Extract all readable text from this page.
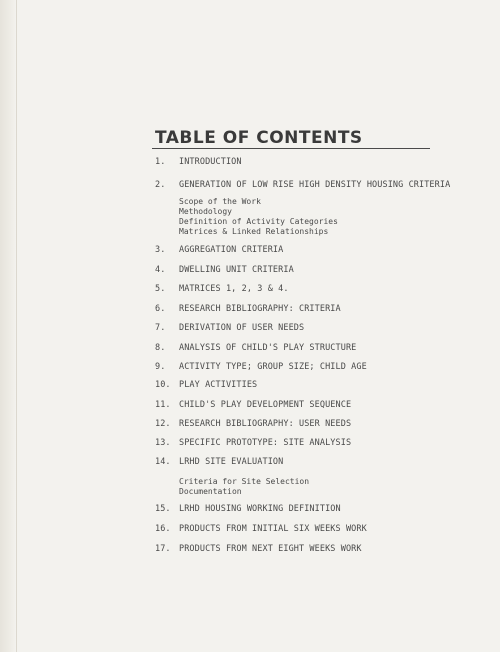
TABLE OF CONTENTS
1. INTRODUCTION
2. GENERATION OF LOW RISE HIGH DENSITY HOUSING CRITERIA
Scope of the Work
Methodology
Definition of Activity Categories
Matrices & Linked Relationships
3. AGGREGATION CRITERIA
4. DWELLING UNIT CRITERIA
5. MATRICES 1, 2, 3 & 4.
6. RESEARCH BIBLIOGRAPHY: CRITERIA
7. DERIVATION OF USER NEEDS
8. ANALYSIS OF CHILD'S PLAY STRUCTURE
9. ACTIVITY TYPE; GROUP SIZE; CHILD AGE
10. PLAY ACTIVITIES
11. CHILD'S PLAY DEVELOPMENT SEQUENCE
12. RESEARCH BIBLIOGRAPHY: USER NEEDS
13. SPECIFIC PROTOTYPE: SITE ANALYSIS
14. LRHD SITE EVALUATION
Criteria for Site Selection
Documentation
15. LRHD HOUSING WORKING DEFINITION
16. PRODUCTS FROM INITIAL SIX WEEKS WORK
17. PRODUCTS FROM NEXT EIGHT WEEKS WORK
